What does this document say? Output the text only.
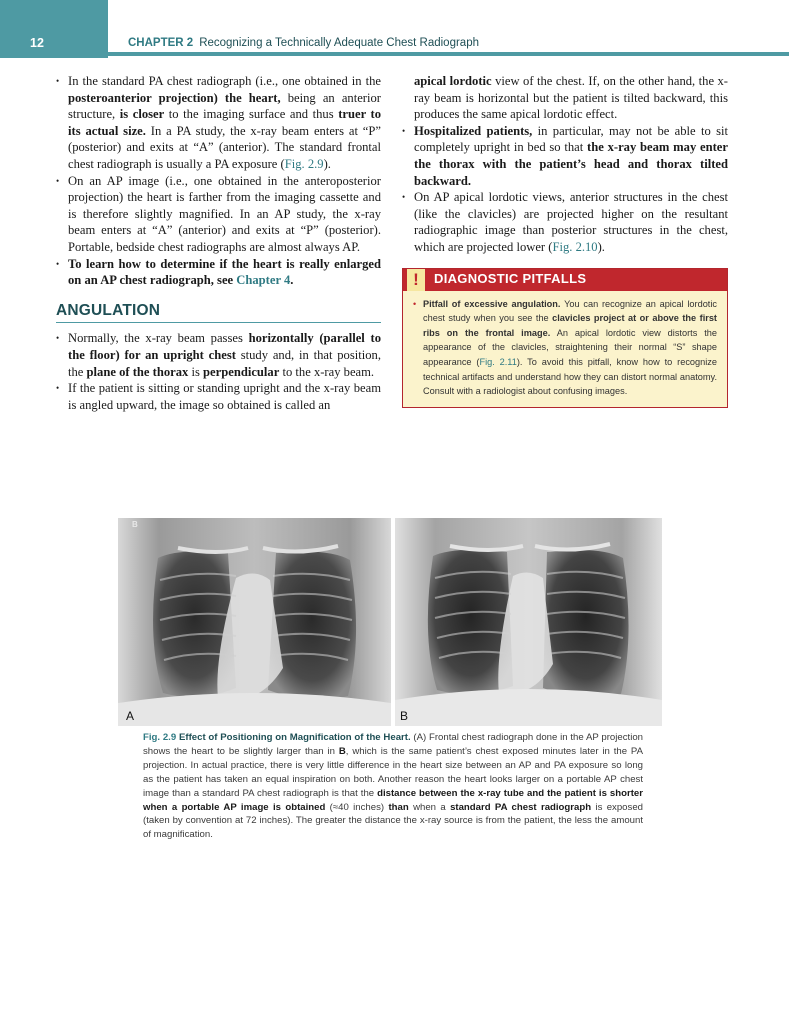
12	CHAPTER 2 Recognizing a Technically Adequate Chest Radiograph
• In the standard PA chest radiograph (i.e., one obtained in the posteroanterior projection) the heart, being an anterior structure, is closer to the imaging surface and thus truer to its actual size. In a PA study, the x-ray beam enters at “P” (posterior) and exits at “A” (anterior). The standard frontal chest radiograph is usually a PA exposure (Fig. 2.9).
• On an AP image (i.e., one obtained in the anteroposterior projection) the heart is farther from the imaging cassette and is therefore slightly magnified. In an AP study, the x-ray beam enters at “A” (anterior) and exits at “P” (posterior). Portable, bedside chest radiographs are almost always AP.
• To learn how to determine if the heart is really enlarged on an AP chest radiograph, see Chapter 4.
ANGULATION
• Normally, the x-ray beam passes horizontally (parallel to the floor) for an upright chest study and, in that position, the plane of the thorax is perpendicular to the x-ray beam.
• If the patient is sitting or standing upright and the x-ray beam is angled upward, the image so obtained is called an

apical lordotic view of the chest. If, on the other hand, the x-ray beam is horizontal but the patient is tilted backward, this produces the same apical lordotic effect.

• Hospitalized patients, in particular, may not be able to sit completely upright in bed so that the x-ray beam may enter the thorax with the patient’s head and thorax tilted backward.
• On AP apical lordotic views, anterior structures in the chest (like the clavicles) are projected higher on the resultant radiographic image than posterior structures in the chest, which are projected lower (Fig. 2.10).
!	DIAGNOSTIC PITFALLS
• Pitfall of excessive angulation. You can recognize an apical lordotic chest study when you see the clavicles project at or above the first ribs on the frontal image. An apical lordotic view distorts the appearance of the clavicles, straightening their normal “S” shape appearance (Fig. 2.11). To avoid this pitfall, know how to recognize technical artifacts and understand how they can distort normal anatomy. Consult with a radiologist about confusing images.
B
A	B
Fig. 2.9 Effect of Positioning on Magnification of the Heart. (A) Frontal chest radiograph done in the AP projection shows the heart to be slightly larger than in B, which is the same patient’s chest exposed minutes later in the PA projection. In actual practice, there is very little difference in the heart size between an AP and PA exposure so long as the patient has taken an equal inspiration on both. Another reason the heart looks larger on a portable AP chest image than a standard PA chest radiograph is that the distance between the x-ray tube and the patient is shorter when a portable AP image is obtained (≈40 inches) than when a standard PA chest radiograph is exposed (taken by convention at 72 inches). The greater the distance the x-ray source is from the patient, the less the amount of magnification.
